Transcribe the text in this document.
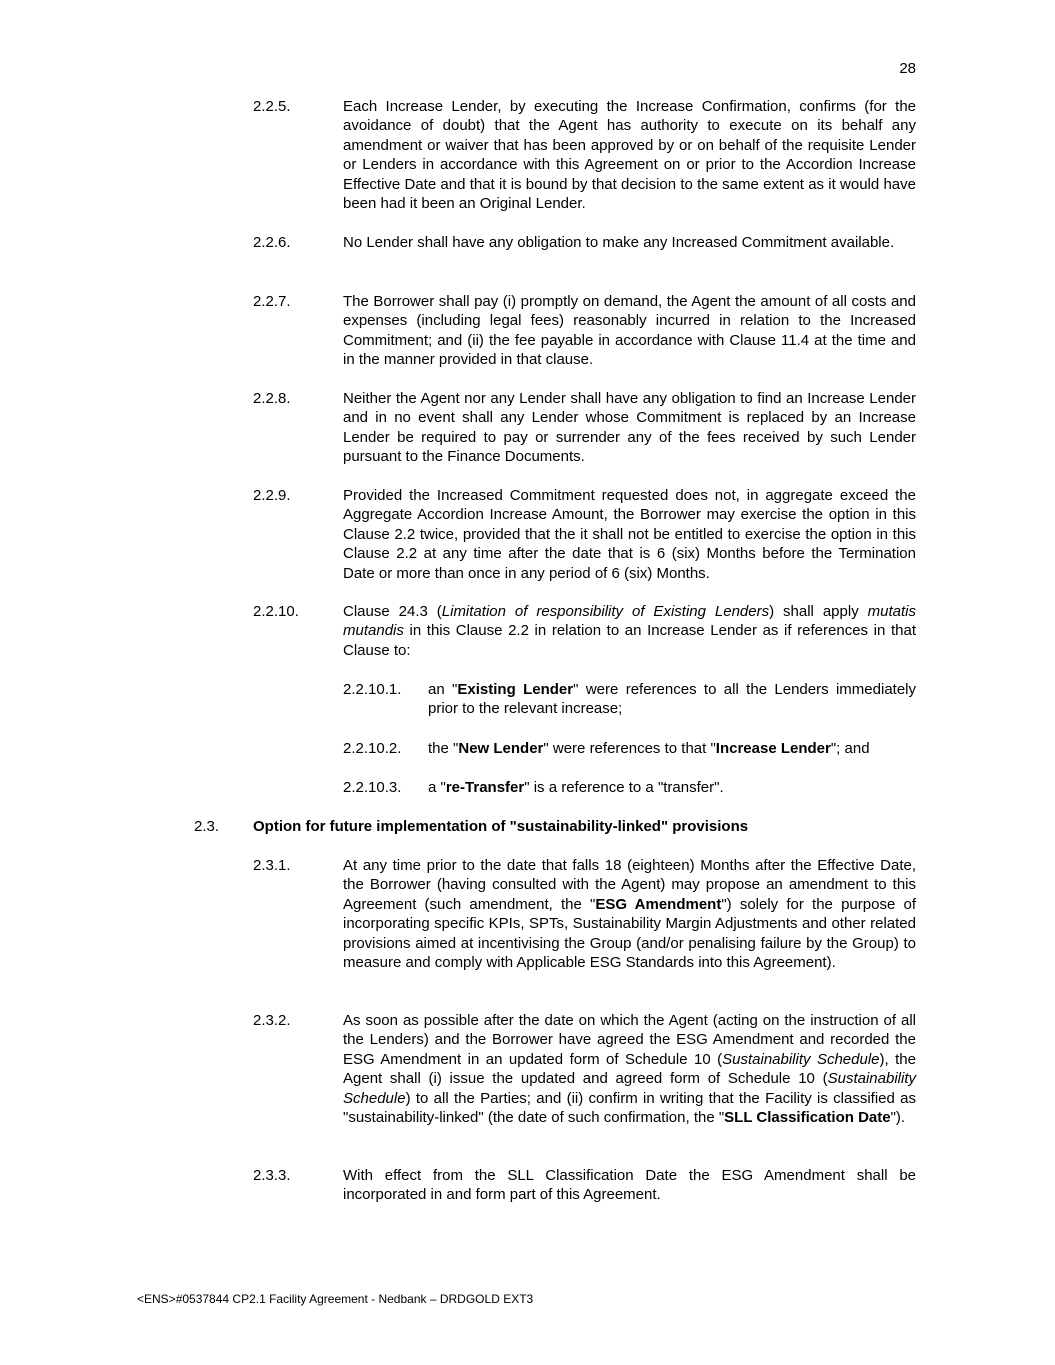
28
2.2.5.	Each Increase Lender, by executing the Increase Confirmation, confirms (for the avoidance of doubt) that the Agent has authority to execute on its behalf any amendment or waiver that has been approved by or on behalf of the requisite Lender or Lenders in accordance with this Agreement on or prior to the Accordion Increase Effective Date and that it is bound by that decision to the same extent as it would have been had it been an Original Lender.
2.2.6.	No Lender shall have any obligation to make any Increased Commitment available.
2.2.7.	The Borrower shall pay (i) promptly on demand, the Agent the amount of all costs and expenses (including legal fees) reasonably incurred in relation to the Increased Commitment; and (ii) the fee payable in accordance with Clause 11.4 at the time and in the manner provided in that clause.
2.2.8.	Neither the Agent nor any Lender shall have any obligation to find an Increase Lender and in no event shall any Lender whose Commitment is replaced by an Increase Lender be required to pay or surrender any of the fees received by such Lender pursuant to the Finance Documents.
2.2.9.	Provided the Increased Commitment requested does not, in aggregate exceed the Aggregate Accordion Increase Amount, the Borrower may exercise the option in this Clause 2.2 twice, provided that the it shall not be entitled to exercise the option in this Clause 2.2 at any time after the date that is 6 (six) Months before the Termination Date or more than once in any period of 6 (six) Months.
2.2.10.	Clause 24.3 (Limitation of responsibility of Existing Lenders) shall apply mutatis mutandis in this Clause 2.2 in relation to an Increase Lender as if references in that Clause to:
2.2.10.1. an "Existing Lender" were references to all the Lenders immediately prior to the relevant increase;
2.2.10.2. the "New Lender" were references to that "Increase Lender"; and
2.2.10.3. a "re-Transfer" is a reference to a "transfer".
2.3. Option for future implementation of "sustainability-linked" provisions
2.3.1.	At any time prior to the date that falls 18 (eighteen) Months after the Effective Date, the Borrower (having consulted with the Agent) may propose an amendment to this Agreement (such amendment, the "ESG Amendment") solely for the purpose of incorporating specific KPIs, SPTs, Sustainability Margin Adjustments and other related provisions aimed at incentivising the Group (and/or penalising failure by the Group) to measure and comply with Applicable ESG Standards into this Agreement).
2.3.2.	As soon as possible after the date on which the Agent (acting on the instruction of all the Lenders) and the Borrower have agreed the ESG Amendment and recorded the ESG Amendment in an updated form of Schedule 10 (Sustainability Schedule), the Agent shall (i) issue the updated and agreed form of Schedule 10 (Sustainability Schedule) to all the Parties; and (ii) confirm in writing that the Facility is classified as "sustainability-linked" (the date of such confirmation, the "SLL Classification Date").
2.3.3.	With effect from the SLL Classification Date the ESG Amendment shall be incorporated in and form part of this Agreement.
<ENS>#0537844 CP2.1 Facility Agreement - Nedbank – DRDGOLD EXT3
